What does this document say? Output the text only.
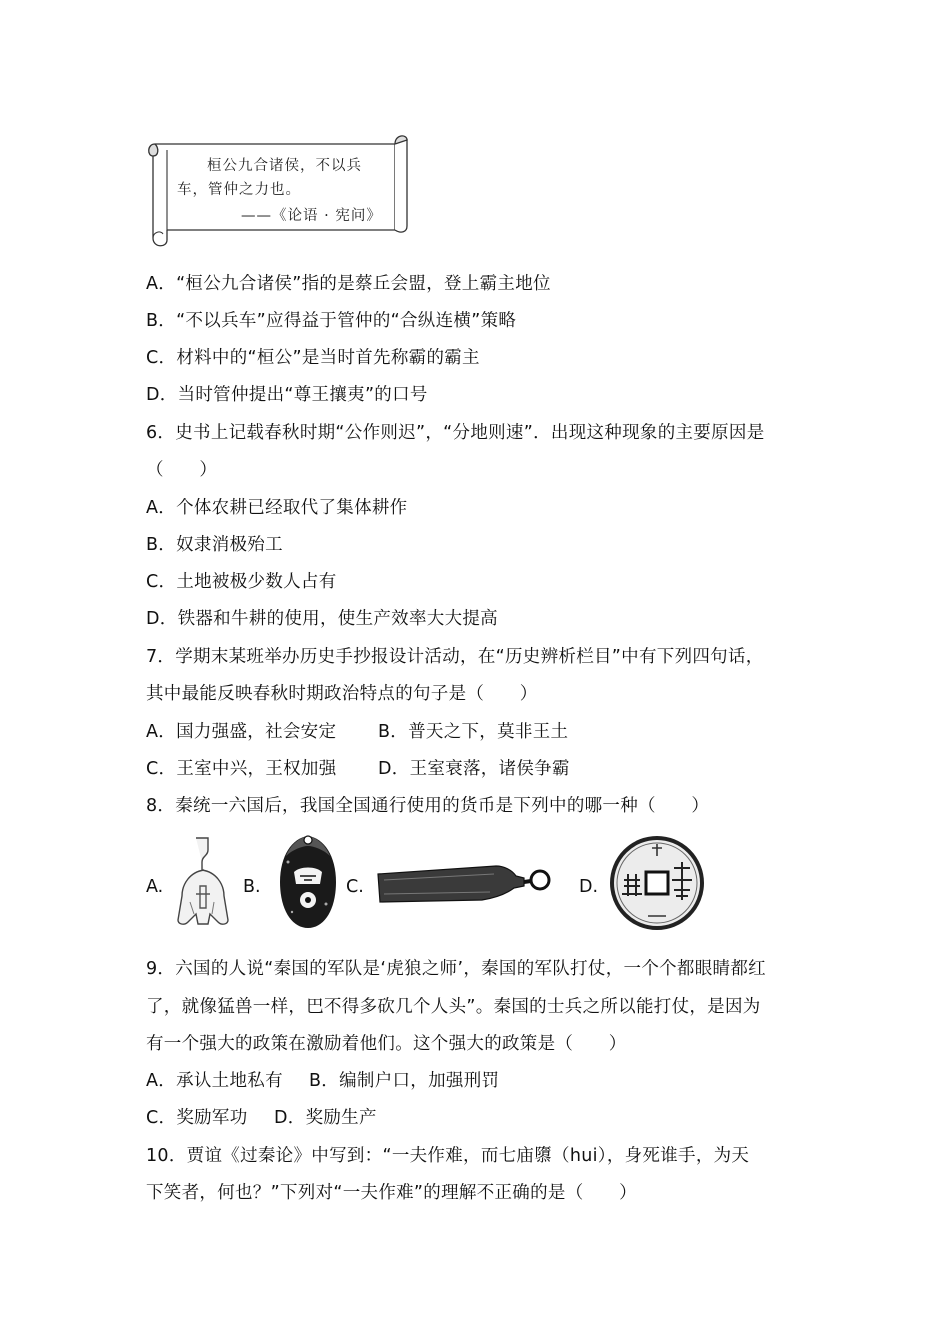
桓公九合诸侯，不以兵
车，管仲之力也。
——《论语 · 宪问》
A．“桓公九合诸侯”指的是蔡丘会盟，登上霸主地位
B．“不以兵车”应得益于管仲的“合纵连横”策略
C．材料中的“桓公”是当时首先称霸的霸主
D．当时管仲提出“尊王攘夷”的口号
6．史书上记载春秋时期“公作则迟”，“分地则速”．出现这种现象的主要原因是
（　　）
A．个体农耕已经取代了集体耕作
B．奴隶消极殆工
C．土地被极少数人占有
D．铁器和牛耕的使用，使生产效率大大提高
7．学期末某班举办历史手抄报设计活动，在“历史辨析栏目”中有下列四句话，
其中最能反映春秋时期政治特点的句子是（　　）
A．国力强盛，社会安定 B．普天之下，莫非王土
C．王室中兴，王权加强 D．王室衰落，诸侯争霸
8．秦统一六国后，我国全国通行使用的货币是下列中的哪一种（　　）
A.	B.	C.	D.
9．六国的人说“秦国的军队是‘虎狼之师’，秦国的军队打仗，一个个都眼睛都红
了，就像猛兽一样，巴不得多砍几个人头”。秦国的士兵之所以能打仗，是因为
有一个强大的政策在激励着他们。这个强大的政策是（　　）
A．承认土地私有 B．编制户口，加强刑罚
C．奖励军功 D．奖励生产
10．贾谊《过秦论》中写到：“一夫作难，而七庙隳（hui），身死谁手，为天
下笑者，何也？”下列对“一夫作难”的理解不正确的是（　　）
